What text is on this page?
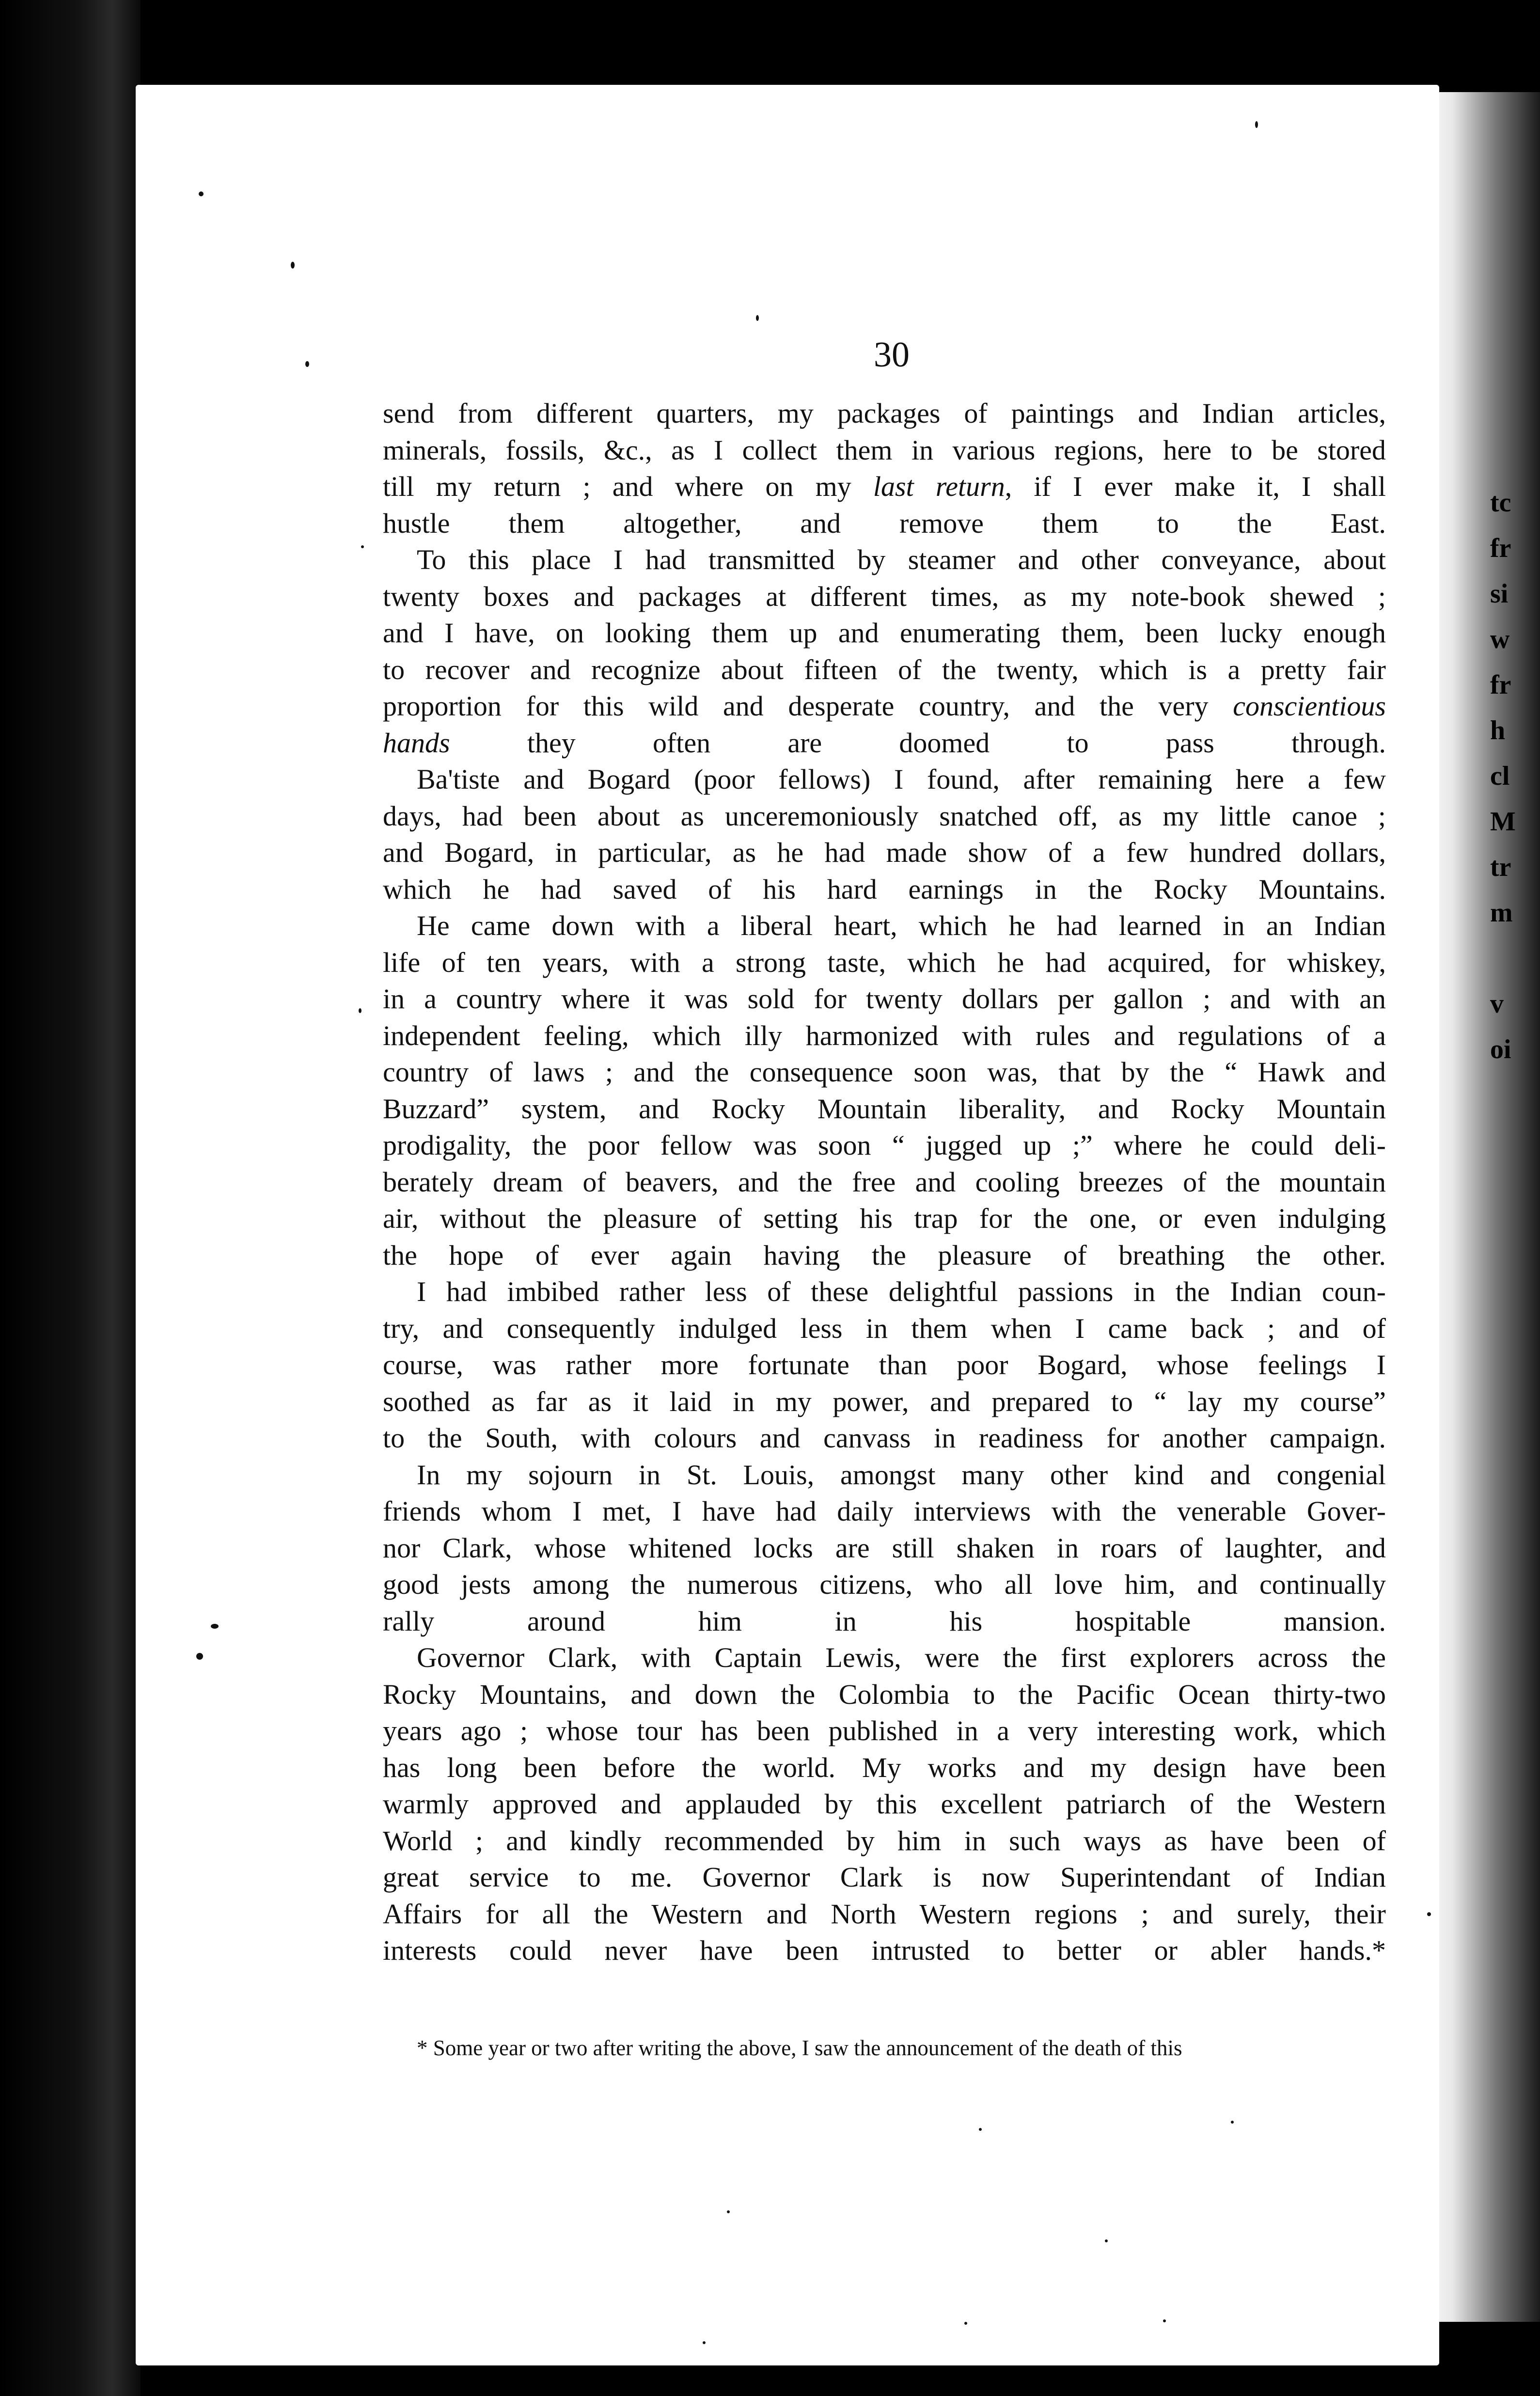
tc
fr
si
w
fr
h
cl
M
tr
m

v
oi
30

send from different quarters, my packages of paintings and Indian articles,
minerals, fossils, &c., as I collect them in various regions, here to be stored
till my return ; and where on my last return, if I ever make it, I shall
hustle them altogether, and remove them to the East.

To this place I had transmitted by steamer and other conveyance, about
twenty boxes and packages at different times, as my note-book shewed ;
and I have, on looking them up and enumerating them, been lucky enough
to recover and recognize about fifteen of the twenty, which is a pretty fair
proportion for this wild and desperate country, and the very conscientious
hands they often are doomed to pass through.

Ba'tiste and Bogard (poor fellows) I found, after remaining here a few
days, had been about as unceremoniously snatched off, as my little canoe ;
and Bogard, in particular, as he had made show of a few hundred dollars,
which he had saved of his hard earnings in the Rocky Mountains.

He came down with a liberal heart, which he had learned in an Indian
life of ten years, with a strong taste, which he had acquired, for whiskey,
in a country where it was sold for twenty dollars per gallon ; and with an
independent feeling, which illy harmonized with rules and regulations of a
country of laws ; and the consequence soon was, that by the “ Hawk and
Buzzard” system, and Rocky Mountain liberality, and Rocky Mountain
prodigality, the poor fellow was soon “ jugged up ;” where he could deli-
berately dream of beavers, and the free and cooling breezes of the mountain
air, without the pleasure of setting his trap for the one, or even indulging
the hope of ever again having the pleasure of breathing the other.

I had imbibed rather less of these delightful passions in the Indian coun-
try, and consequently indulged less in them when I came back ; and of
course, was rather more fortunate than poor Bogard, whose feelings I
soothed as far as it laid in my power, and prepared to “ lay my course”
to the South, with colours and canvass in readiness for another campaign.

In my sojourn in St. Louis, amongst many other kind and congenial
friends whom I met, I have had daily interviews with the venerable Gover-
nor Clark, whose whitened locks are still shaken in roars of laughter, and
good jests among the numerous citizens, who all love him, and continually
rally around him in his hospitable mansion.

Governor Clark, with Captain Lewis, were the first explorers across the
Rocky Mountains, and down the Colombia to the Pacific Ocean thirty-two
years ago ; whose tour has been published in a very interesting work, which
has long been before the world. My works and my design have been
warmly approved and applauded by this excellent patriarch of the Western
World ; and kindly recommended by him in such ways as have been of
great service to me. Governor Clark is now Superintendant of Indian
Affairs for all the Western and North Western regions ; and surely, their
interests could never have been intrusted to better or abler hands.*

* Some year or two after writing the above, I saw the announcement of the death of this
